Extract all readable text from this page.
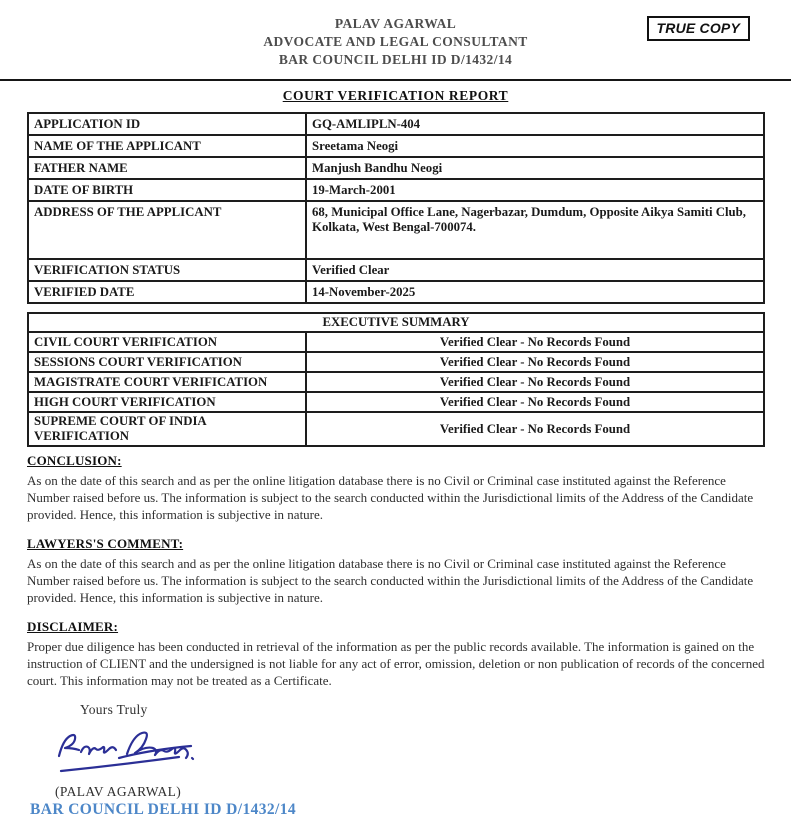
PALAV AGARWAL
ADVOCATE AND LEGAL CONSULTANT
BAR COUNCIL DELHI ID D/1432/14
TRUE COPY
COURT VERIFICATION REPORT
APPLICATION ID	GQ-AMLIPLN-404
NAME OF THE APPLICANT	Sreetama Neogi
FATHER NAME	Manjush Bandhu Neogi
DATE OF BIRTH	19-March-2001
ADDRESS OF THE APPLICANT	68, Municipal Office Lane, Nagerbazar, Dumdum, Opposite Aikya Samiti Club, Kolkata, West Bengal-700074.
VERIFICATION STATUS	Verified Clear
VERIFIED DATE	14-November-2025
EXECUTIVE SUMMARY	
CIVIL COURT VERIFICATION	Verified Clear - No Records Found
SESSIONS COURT VERIFICATION	Verified Clear - No Records Found
MAGISTRATE COURT VERIFICATION	Verified Clear - No Records Found
HIGH COURT VERIFICATION	Verified Clear - No Records Found
SUPREME COURT OF INDIA VERIFICATION	Verified Clear - No Records Found
CONCLUSION:
As on the date of this search and as per the online litigation database there is no Civil or Criminal case instituted against the Reference Number raised before us. The information is subject to the search conducted within the Jurisdictional limits of the Address of the Candidate provided. Hence, this information is subjective in nature.
LAWYERS'S COMMENT:
As on the date of this search and as per the online litigation database there is no Civil or Criminal case instituted against the Reference Number raised before us. The information is subject to the search conducted within the Jurisdictional limits of the Address of the Candidate provided. Hence, this information is subjective in nature.
DISCLAIMER:
Proper due diligence has been conducted in retrieval of the information as per the public records available. The information is gained on the instruction of CLIENT and the undersigned is not liable for any act of error, omission, deletion or non publication of records of the concerned court. This information may not be treated as a Certificate.
Yours Truly
(PALAV AGARWAL)
BAR COUNCIL DELHI ID D/1432/14
